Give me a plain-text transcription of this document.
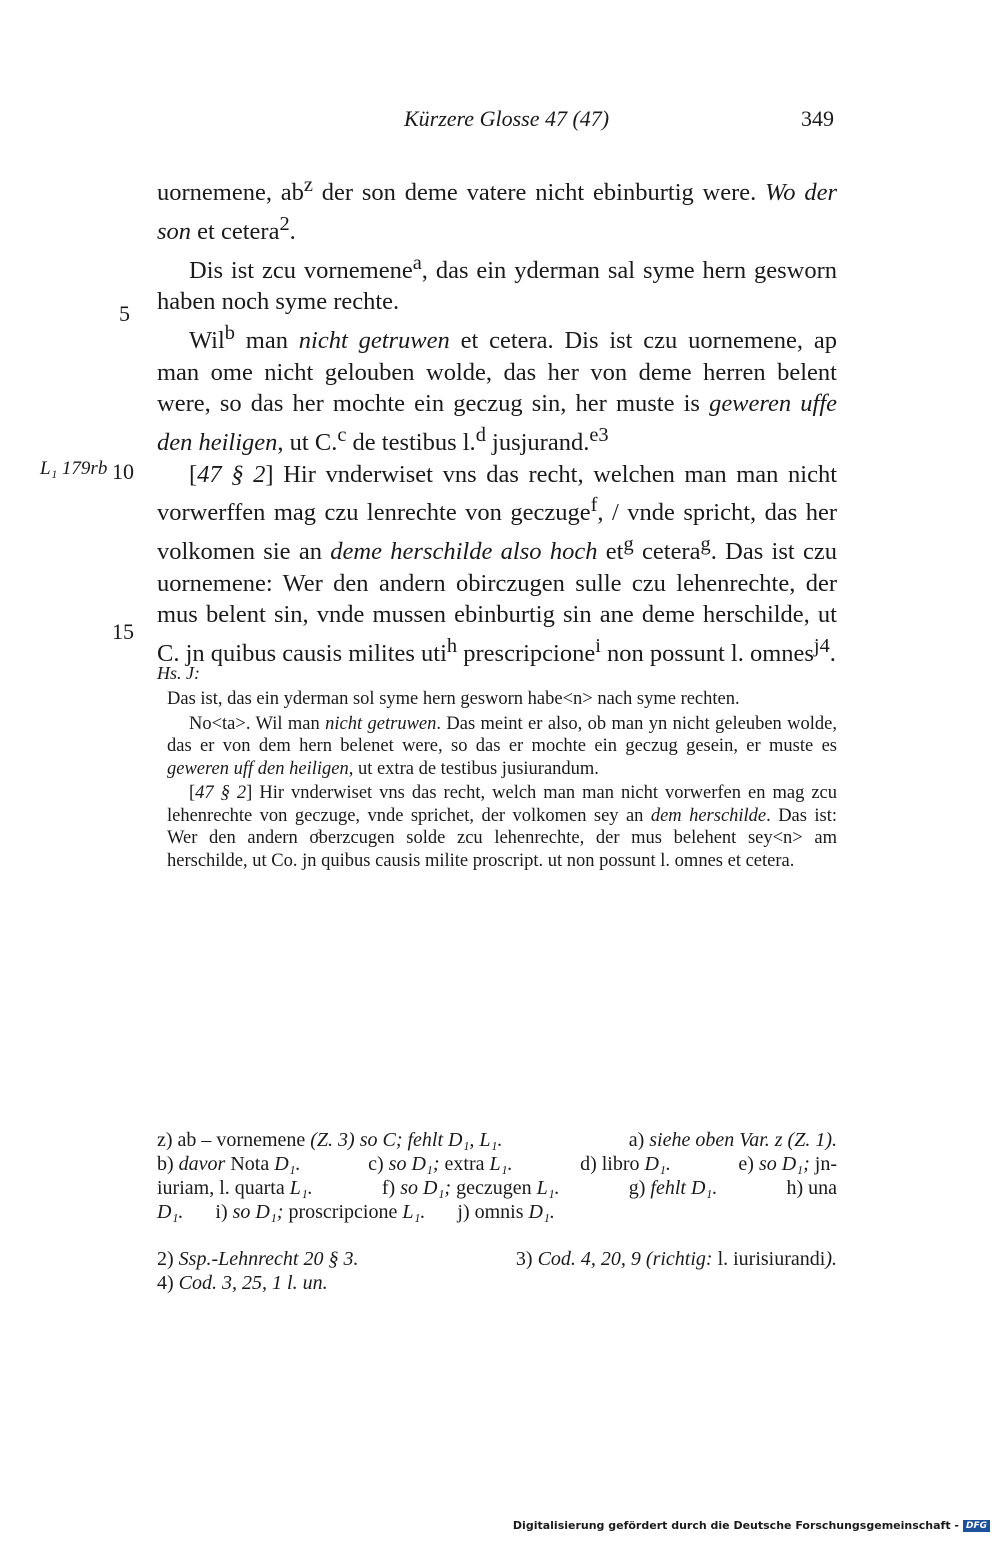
Kürzere Glosse 47 (47)	349
5
10
15
L₁ 179rb

uornemene, $ab^z$ der son deme vatere nicht ebinburtig were. Wo der son et cetera$^2$.

Dis ist zcu vornemene$^a$, das ein yderman sal syme hern gesworn haben noch syme rechte.

Wil$^b$ man nicht getruwen et cetera. Dis ist czu uornemene, ap man ome nicht gelouben wolde, das her von deme herren belent were, so das her mochte ein geczug sin, her muste is geweren uffe den heiligen, ut C.$^c$ de testibus l.$^d$ jusjurand.$^{e3}$

[47 § 2] Hir vnderwiset vns das recht, welchen man man nicht vorwerffen mag czu lenrechte von geczuge$^f$, / vnde spricht, das her volkomen sie an deme herschilde also hoch $et^g$ cetera$^g$. Das ist czu uornemene: Wer den andern obirczugen sulle czu lehenrechte, der mus belent sin, vnde mussen ebinburtig sin ane deme herschilde, ut C. jn quibus causis milites uti$^h$ prescripcione$^i$ non possunt l. omnes$^{j4}$.

Hs. J:

Das ist, das ein yderman sol syme hern gesworn habe<n> nach syme rechten.

No<ta>. Wil man nicht getruwen. Das meint er also, ob man yn nicht geleuben wolde, das er von dem hern belenet were, so das er mochte ein geczug gesein, er muste es geweren uff den heiligen, ut extra de testibus jusiurandum.

[47 § 2] Hir vnderwiset vns das recht, welch man man nicht vorwerfen en mag zcu lehenrechte von geczuge, vnde sprichet, der volkomen sey an dem herschilde. Das ist: Wer den andern oͦberzcugen solde zcu lehenrechte, der mus belehent sey<n> am herschilde, ut Co. jn quibus causis milite proscript. ut non possunt l. omnes et cetera.

z) ab – vornemene (Z. 3) so C; fehlt D₁, L₁.	a) siehe oben Var. z (Z. 1).
b) davor Nota D₁.	c) so D₁; extra L₁.	d) libro D₁.	e) so D₁; jn-
iuriam, l. quarta L₁.	f) so D₁; geczugen L₁.	g) fehlt D₁.	h) una
D₁. i) so D₁; proscripcione L₁. j) omnis D₁.
2) Ssp.-Lehnrecht 20 § 3.	3) Cod. 4, 20, 9 (richtig: l. iurisiurandi).
4) Cod. 3, 25, 1 l. un.
Digitalisierung gefördert durch die Deutsche Forschungsgemeinschaft - DFG
